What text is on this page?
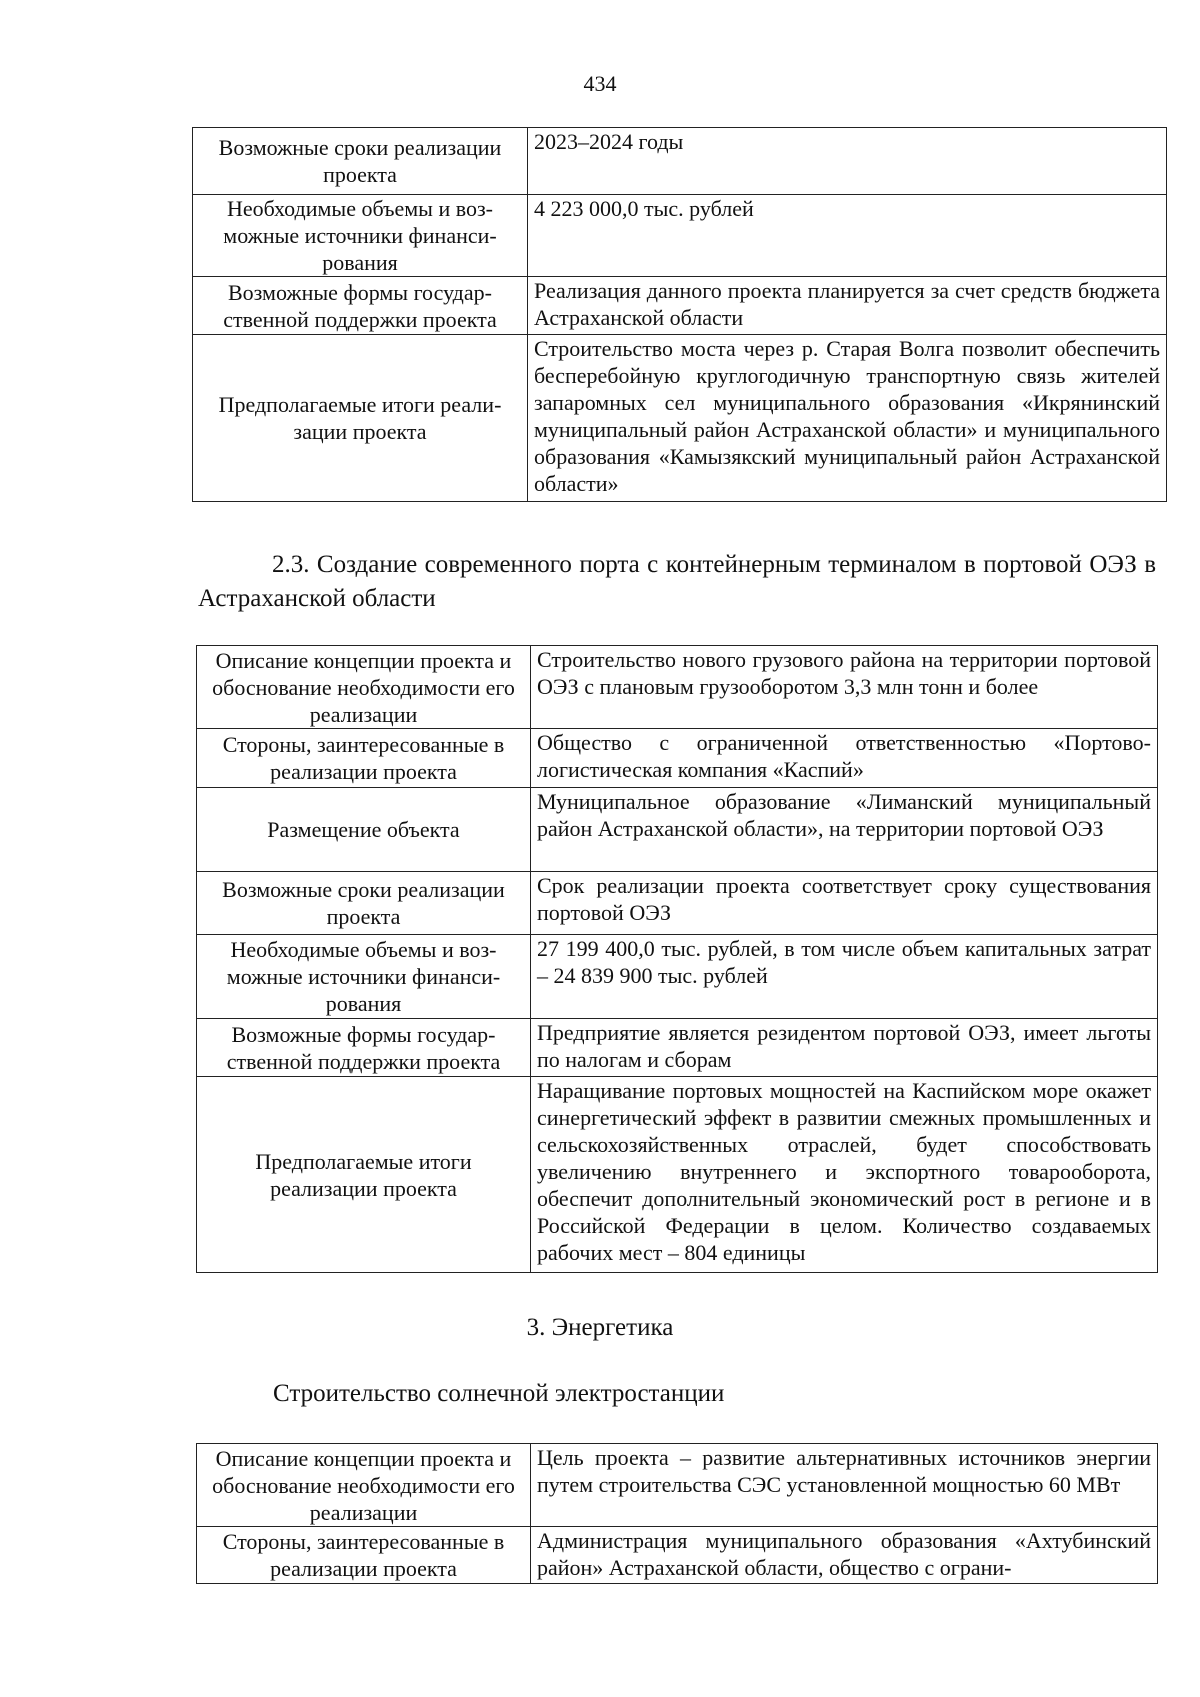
434
Возможные сроки реализации проекта	2023–2024 годы
Необходимые объемы и возможные источники финансирования	4 223 000,0 тыс. рублей
Возможные формы государственной поддержки проекта	Реализация данного проекта планируется за счет средств бюджета Астраханской области
Предполагаемые итоги реализации проекта	Строительство моста через р. Старая Волга позволит обеспечить бесперебойную круглогодичную транспортную связь жителей запаромных сел муниципального образования «Икрянинский муниципальный район Астраханской области» и муниципального образования «Камызякский муниципальный район Астраханской области»
2.3. Создание современного порта с контейнерным терминалом в портовой ОЭЗ в Астраханской области
Описание концепции проекта и обоснование необходимости его реализации	Строительство нового грузового района на территории портовой ОЭЗ с плановым грузооборотом 3,3 млн тонн и более
Стороны, заинтересованные в реализации проекта	Общество с ограниченной ответственностью «Портовологистическая компания «Каспий»
Размещение объекта	Муниципальное образование «Лиманский муниципальный район Астраханской области», на территории портовой ОЭЗ
Возможные сроки реализации проекта	Срок реализации проекта соответствует сроку существования портовой ОЭЗ
Необходимые объемы и возможные источники финансирования	27 199 400,0 тыс. рублей, в том числе объем капитальных затрат – 24 839 900 тыс. рублей
Возможные формы государственной поддержки проекта	Предприятие является резидентом портовой ОЭЗ, имеет льготы по налогам и сборам
Предполагаемые итоги реализации проекта	Наращивание портовых мощностей на Каспийском море окажет синергетический эффект в развитии смежных промышленных и сельскохозяйственных отраслей, будет способствовать увеличению внутреннего и экспортного товарооборота, обеспечит дополнительный экономический рост в регионе и в Российской Федерации в целом. Количество создаваемых рабочих мест – 804 единицы
3. Энергетика
Строительство солнечной электростанции
Описание концепции проекта и обоснование необходимости его реализации	Цель проекта – развитие альтернативных источников энергии путем строительства СЭС установленной мощностью 60 МВт
Стороны, заинтересованные в реализации проекта	Администрация муниципального образования «Ахтубинский район» Астраханской области, общество с ограни-
